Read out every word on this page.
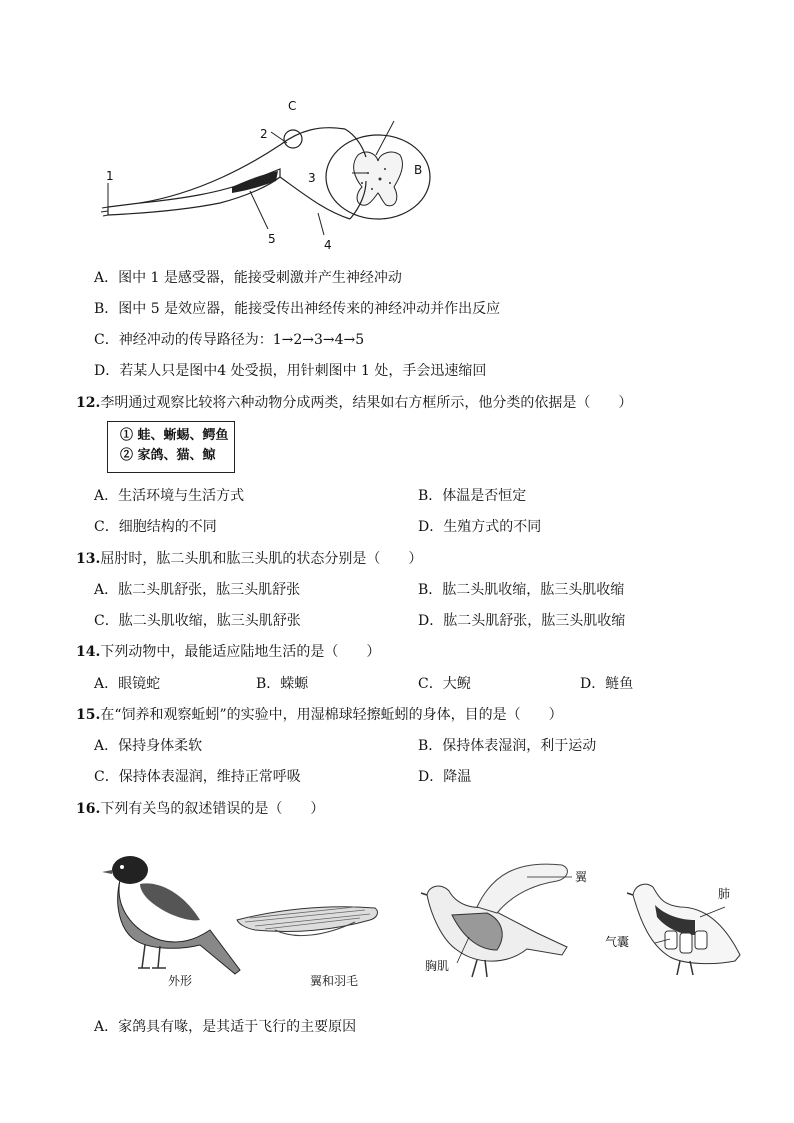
C
2
1	3
B
5	4
A．图中 1 是感受器，能接受刺激并产生神经冲动
B．图中 5 是效应器，能接受传出神经传来的神经冲动并作出反应
C．神经冲动的传导路径为：1→2→3→4→5
D．若某人只是图中4 处受损，用针刺图中 1 处，手会迅速缩回
12.李明通过观察比较将六种动物分成两类，结果如右方框所示，他分类的依据是（　　）
① 蛙、蜥蜴、鳄鱼
② 家鸽、猫、鲸
A．生活环境与生活方式	B．体温是否恒定
C．细胞结构的不同	D．生殖方式的不同
13.屈肘时，肱二头肌和肱三头肌的状态分别是（　　）
A．肱二头肌舒张，肱三头肌舒张	B．肱二头肌收缩，肱三头肌收缩
C．肱二头肌收缩，肱三头肌舒张	D．肱二头肌舒张，肱三头肌收缩
14.下列动物中，最能适应陆地生活的是（　　）
A．眼镜蛇	B．蝾螈	C．大鲵	D．鲢鱼
15.在“饲养和观察蚯蚓”的实验中，用湿棉球轻擦蚯蚓的身体，目的是（　　）
A．保持身体柔软	B．保持体表湿润，利于运动
C．保持体表湿润，维持正常呼吸	D．降温
16.下列有关鸟的叙述错误的是（　　）
外形	翼和羽毛
翼
胸肌
肺
气囊
A．家鸽具有喙，是其适于飞行的主要原因
